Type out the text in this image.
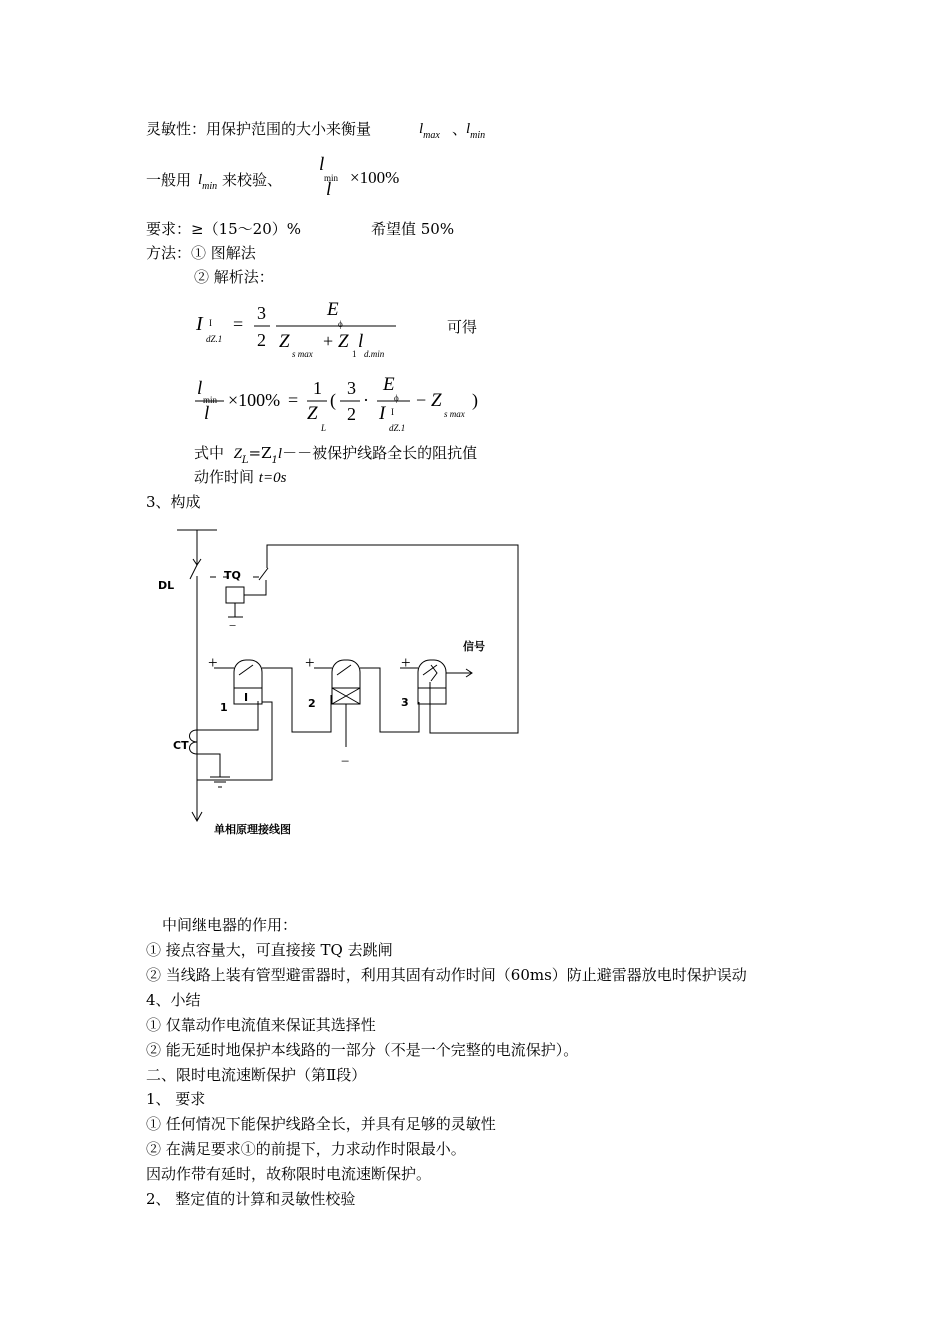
灵敏性：用保护范围的大小来衡量	$l_{max}$ 、
$l_{min}$
一般用 $l_{min}$ 来校验、
l
min
l
×100%
要求：≥（15～20）%	希望值 50%
方法：① 图解法
② 解析法：
I I
dZ.1
=
3
2
E
ϕ
Z
s max
+ Z
1
l
d.min
可得
l
min
l
×100% =
1
Z
L
(
3
2
·
E
ϕ
I I
dZ.1
− Z
s max
)
式中 $Z_L=Z_1l--$被保护线路全长的阻抗值
动作时间 t=0s
3、构成
DL
TQ
CT
1	2	3
信号
I
+	+	+
−
−
单相原理接线图
中间继电器的作用：
① 接点容量大，可直接接 TQ 去跳闸
② 当线路上装有管型避雷器时，利用其固有动作时间（60ms）防止避雷器放电时保护误动
4、小结
① 仅靠动作电流值来保证其选择性
② 能无延时地保护本线路的一部分（不是一个完整的电流保护）。
二、限时电流速断保护（第Ⅱ段）
1、 要求
① 任何情况下能保护线路全长，并具有足够的灵敏性
② 在满足要求①的前提下，力求动作时限最小。
因动作带有延时，故称限时电流速断保护。
2、 整定值的计算和灵敏性校验
